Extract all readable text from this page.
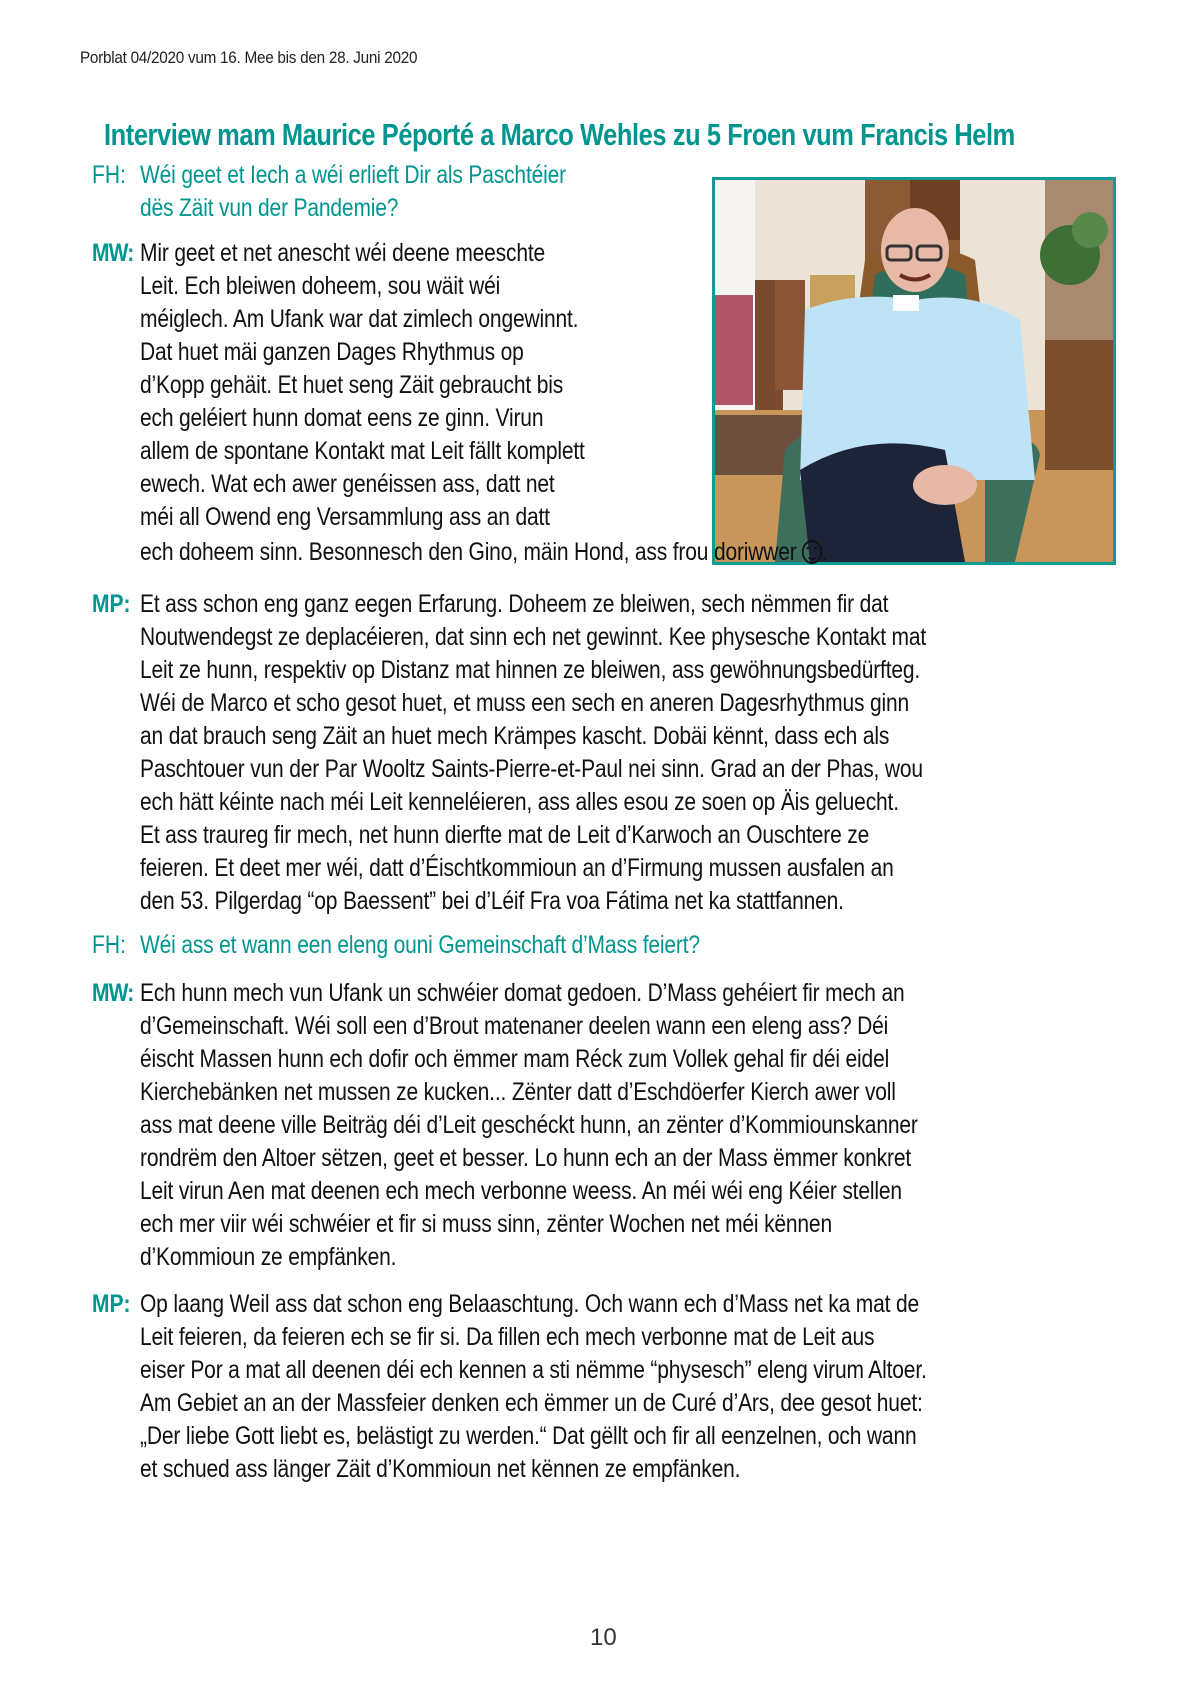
Porblat 04/2020 vum 16. Mee bis den 28. Juni 2020
Interview mam Maurice Péporté a Marco Wehles zu 5 Froen vum Francis Helm
FH: Wéi geet et Iech a wéi erlieft Dir als Paschtéier
dës Zäit vun der Pandemie?
MW: Mir geet et net anescht wéi deene meeschte
Leit. Ech bleiwen doheem, sou wäit wéi
méiglech. Am Ufank war dat zimlech ongewinnt.
Dat huet mäi ganzen Dages Rhythmus op
d’Kopp gehäit. Et huet seng Zäit gebraucht bis
ech geléiert hunn domat eens ze ginn. Virun
allem de spontane Kontakt mat Leit fällt komplett
ewech. Wat ech awer genéissen ass, datt net
méi all Owend eng Versammlung ass an datt
ech doheem sinn. Besonnesch den Gino, mäin Hond, ass frou doriwwer .
MP: Et ass schon eng ganz eegen Erfarung. Doheem ze bleiwen, sech nëmmen fir dat
Noutwendegst ze deplacéieren, dat sinn ech net gewinnt. Kee physesche Kontakt mat
Leit ze hunn, respektiv op Distanz mat hinnen ze bleiwen, ass gewöhnungsbedürfteg.
Wéi de Marco et scho gesot huet, et muss een sech en aneren Dagesrhythmus ginn
an dat brauch seng Zäit an huet mech Krämpes kascht. Dobäi kënnt, dass ech als
Paschtouer vun der Par Wooltz Saints-Pierre-et-Paul nei sinn. Grad an der Phas, wou
ech hätt kéinte nach méi Leit kenneléieren, ass alles esou ze soen op Äis geluecht.
Et ass traureg fir mech, net hunn dierfte mat de Leit d’Karwoch an Ouschtere ze
feieren. Et deet mer wéi, datt d’Éischtkommioun an d’Firmung mussen ausfalen an
den 53. Pilgerdag “op Baessent” bei d’Léif Fra voa Fátima net ka stattfannen.
FH: Wéi ass et wann een eleng ouni Gemeinschaft d’Mass feiert?
MW: Ech hunn mech vun Ufank un schwéier domat gedoen. D’Mass gehéiert fir mech an
d’Gemeinschaft. Wéi soll een d’Brout matenaner deelen wann een eleng ass? Déi
éischt Massen hunn ech dofir och ëmmer mam Réck zum Vollek gehal fir déi eidel
Kierchebänken net mussen ze kucken... Zënter datt d’Eschdöerfer Kierch awer voll
ass mat deene ville Beiträg déi d’Leit geschéckt hunn, an zënter d’Kommiounskanner
rondrëm den Altoer sëtzen, geet et besser. Lo hunn ech an der Mass ëmmer konkret
Leit virun Aen mat deenen ech mech verbonne weess. An méi wéi eng Kéier stellen
ech mer viir wéi schwéier et fir si muss sinn, zënter Wochen net méi kënnen
d’Kommioun ze empfänken.
MP: Op laang Weil ass dat schon eng Belaaschtung. Och wann ech d’Mass net ka mat de
Leit feieren, da feieren ech se fir si. Da fillen ech mech verbonne mat de Leit aus
eiser Por a mat all deenen déi ech kennen a sti nëmme “physesch” eleng virum Altoer.
Am Gebiet an an der Massfeier denken ech ëmmer un de Curé d’Ars, dee gesot huet:
„Der liebe Gott liebt es, belästigt zu werden.“ Dat gëllt och fir all eenzelnen, och wann
et schued ass länger Zäit d’Kommioun net kënnen ze empfänken.
10
